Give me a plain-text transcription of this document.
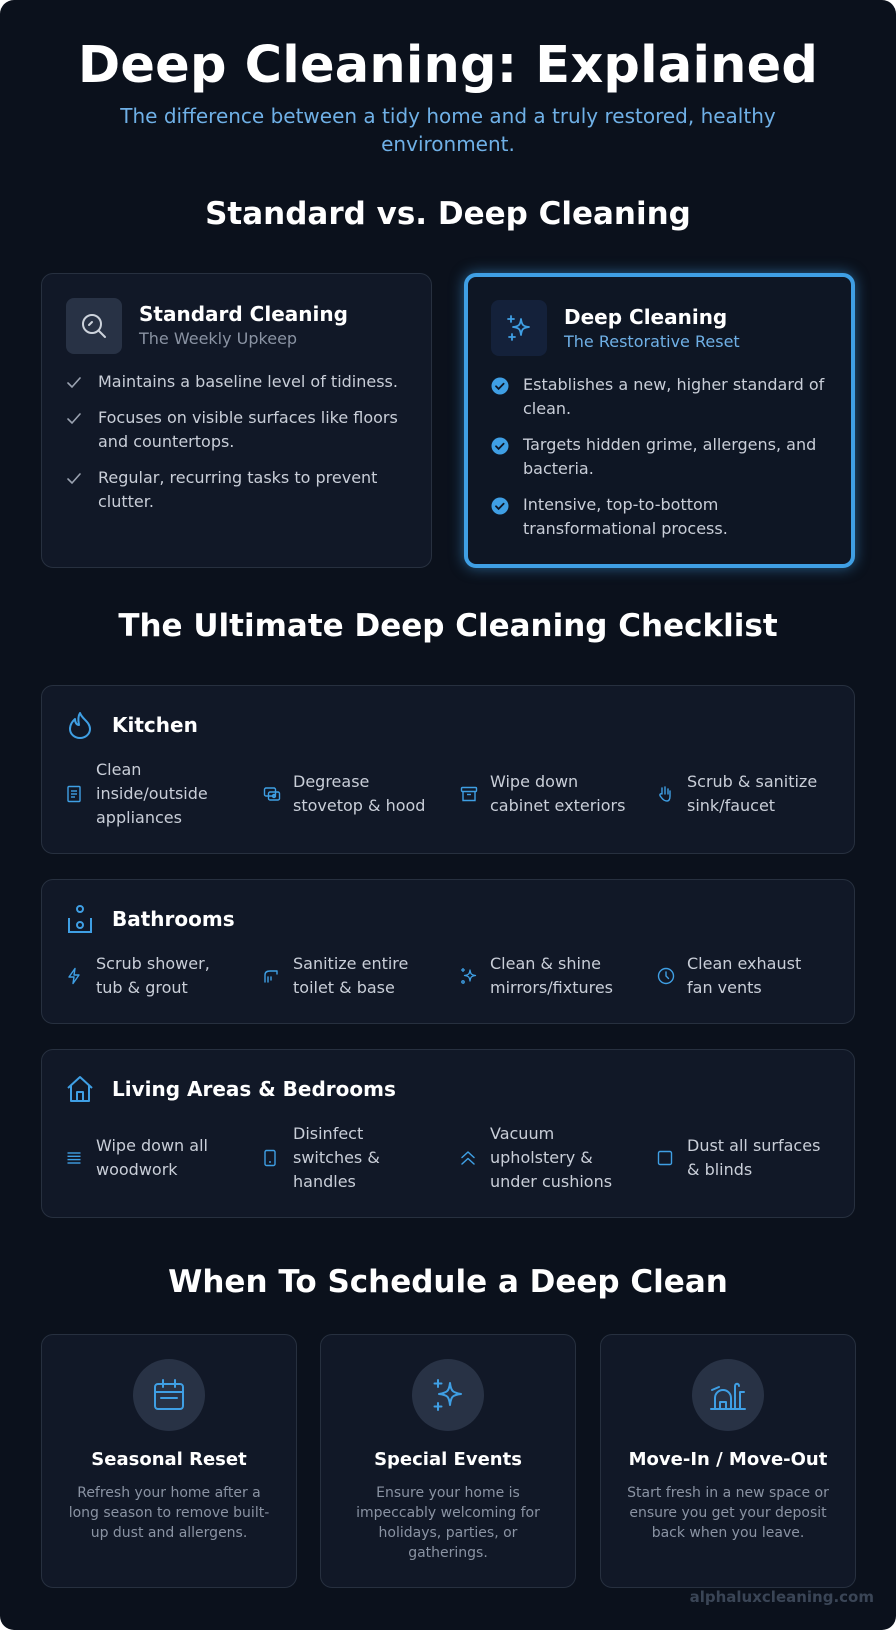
Deep Cleaning: Explained

The difference between a tidy home and a truly restored, healthy environment.

Standard vs. Deep Cleaning
Standard Cleaning
The Weekly Upkeep
Maintains a baseline level of tidiness.
Focuses on visible surfaces like floors and countertops.
Regular, recurring tasks to prevent clutter.
Deep Cleaning
The Restorative Reset
Establishes a new, higher standard of clean.
Targets hidden grime, allergens, and bacteria.
Intensive, top-to-bottom transformational process.
The Ultimate Deep Cleaning Checklist
Kitchen
Clean inside/outside appliances
Degrease stovetop & hood
Wipe down cabinet exteriors
Scrub & sanitize sink/faucet
Bathrooms
Scrub shower, tub & grout
Sanitize entire toilet & base
Clean & shine mirrors/fixtures
Clean exhaust fan vents
Living Areas & Bedrooms
Wipe down all woodwork
Disinfect switches & handles
Vacuum upholstery & under cushions
Dust all surfaces & blinds
When To Schedule a Deep Clean
Seasonal Reset
Refresh your home after a long season to remove built-up dust and allergens.
Special Events
Ensure your home is impeccably welcoming for holidays, parties, or gatherings.
Move-In / Move-Out
Start fresh in a new space or ensure you get your deposit back when you leave.
alphaluxcleaning.com
